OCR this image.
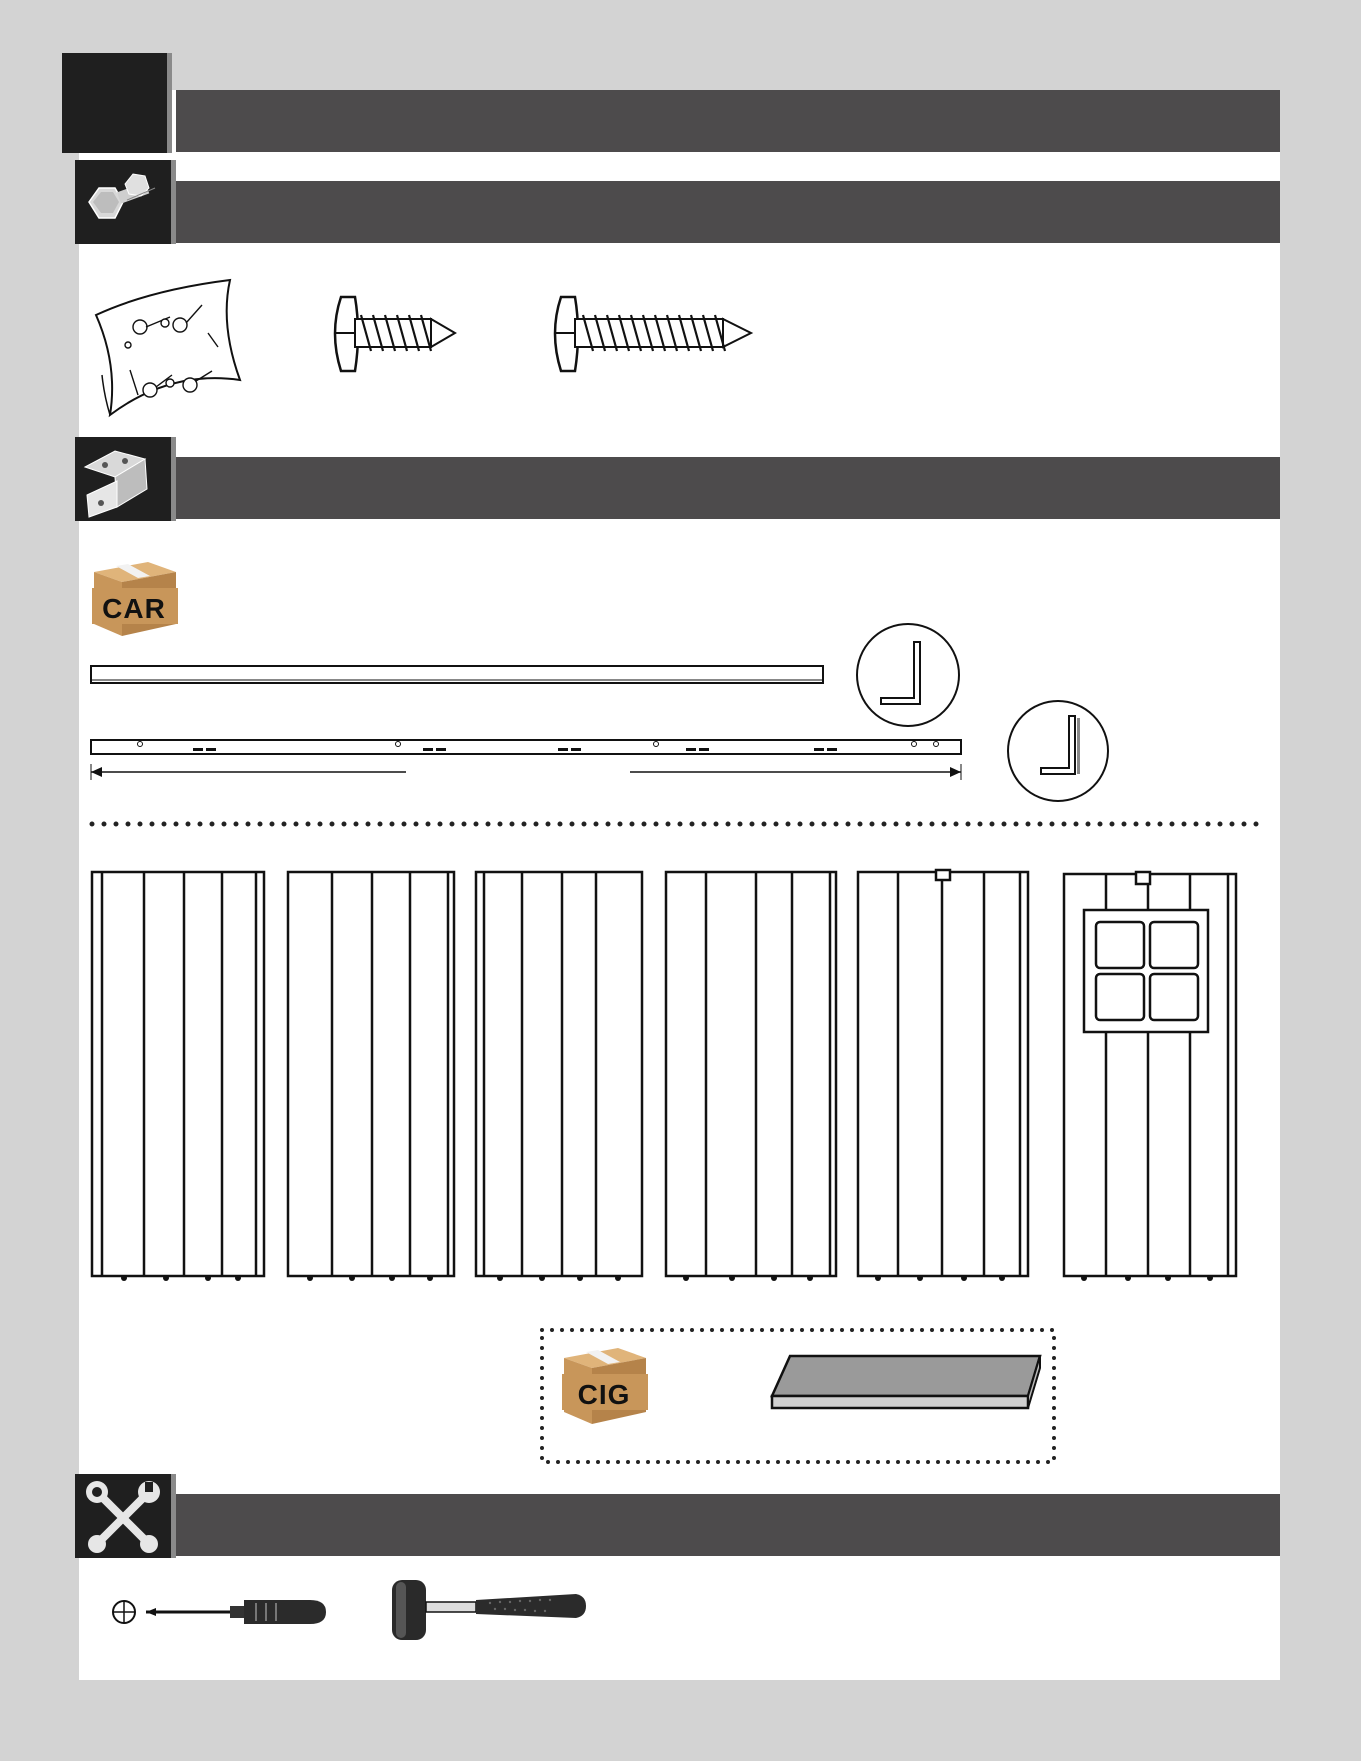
CAR
CIG
